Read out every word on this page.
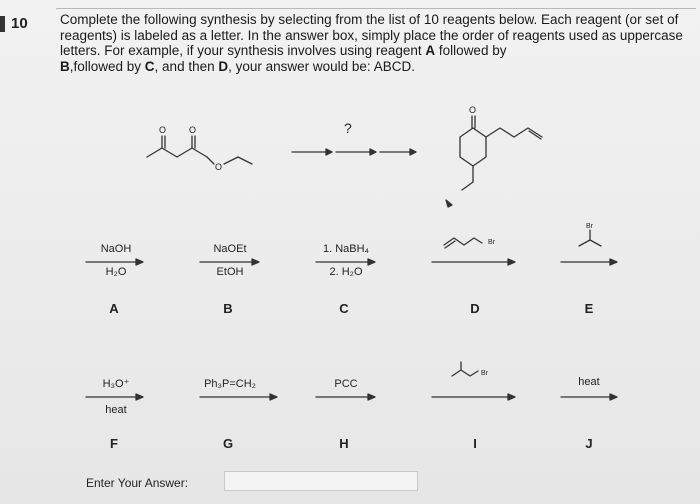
10 Complete the following synthesis by selecting from the list of 10 reagents below. Each reagent (or set of reagents) is labeled as a letter. In the answer box, simply place the order of reagents used as uppercase letters. For example, if your synthesis involves using reagent A followed by
B,followed by C, and then D, your answer would be: ABCD.
O	O
O
O
?
Br
Br
Br
NaOH
H₂O
A
NaOEt
EtOH
B
1. NaBH₄
2. H₂O
C	D	E
H₃O⁺
heat
F
Ph₃P=CH₂
G
PCC
H	I
heat
J
Enter Your Answer:
